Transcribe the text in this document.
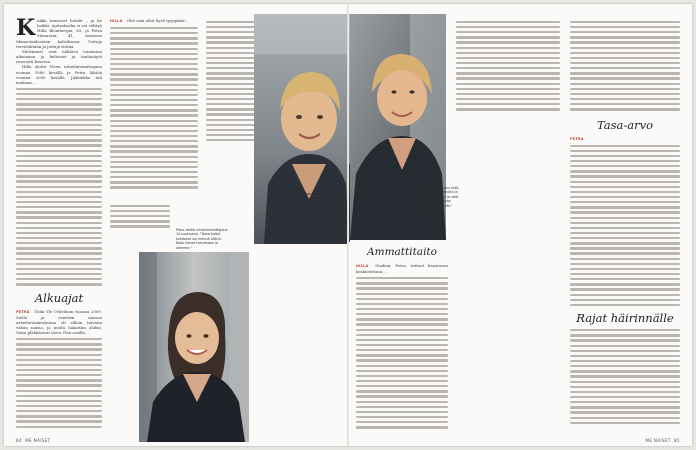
K aikki tunnevat heidät – ja he kaikki. Ajatuskarha ei voi välttyä Hilla Blombergin, 63, ja Petra Mannerin, 41, seurassa tilannetaidostaan kahvikassa. Tuttuja tervehditään ja juttuja riittää.

Molemmat ovat nähtävä toimintaa aikoinaan ja keltaiset ja taulunäytä ressontti kosessa.

Hilla aloitti Yleen urheilutoimittajana vuonna 1980 kesällä ja Petra lähtöä vuonna 2000 kesällä. Jääkiekko tuli mukaan...

Alkuajat

PETRA Tulin Yle Urheiluun vuonna 2009. Siellä ja vaiettiin muissa urheilutoimituksissa oli silloin hirveän vähän naisia, ja meitä hakattiin aluksi. Vaisa pläkkäsesti oleva Ylen sisällä…

HILLA Olet sinä ollut hyvä tyyppikin!

"Olen jutuissani mää, että hänen kautta ja hänen kautta ja näet naisen suuressa tulevat näkyvät." Hilla sanoo.
Petra aloitti urheilutoimittajana 14-vuotiaana. "Tosta kaikki kohdasta voi mennä väärin. Noku iloiset toimimaan jo olemme."
84 ME NAISET
"Olen jutuissani mää, että hänen kautta ja hänen kautta ja näet naisen suuressa tulevat näkyvät." Hilla sanoo.
Ammattitaito

HILLA Stadion, Petra, tottuut haastavan keskusteluun…

Tasa-arvo

PETRA

Rajat häirinnälle
ME NAISET 85
